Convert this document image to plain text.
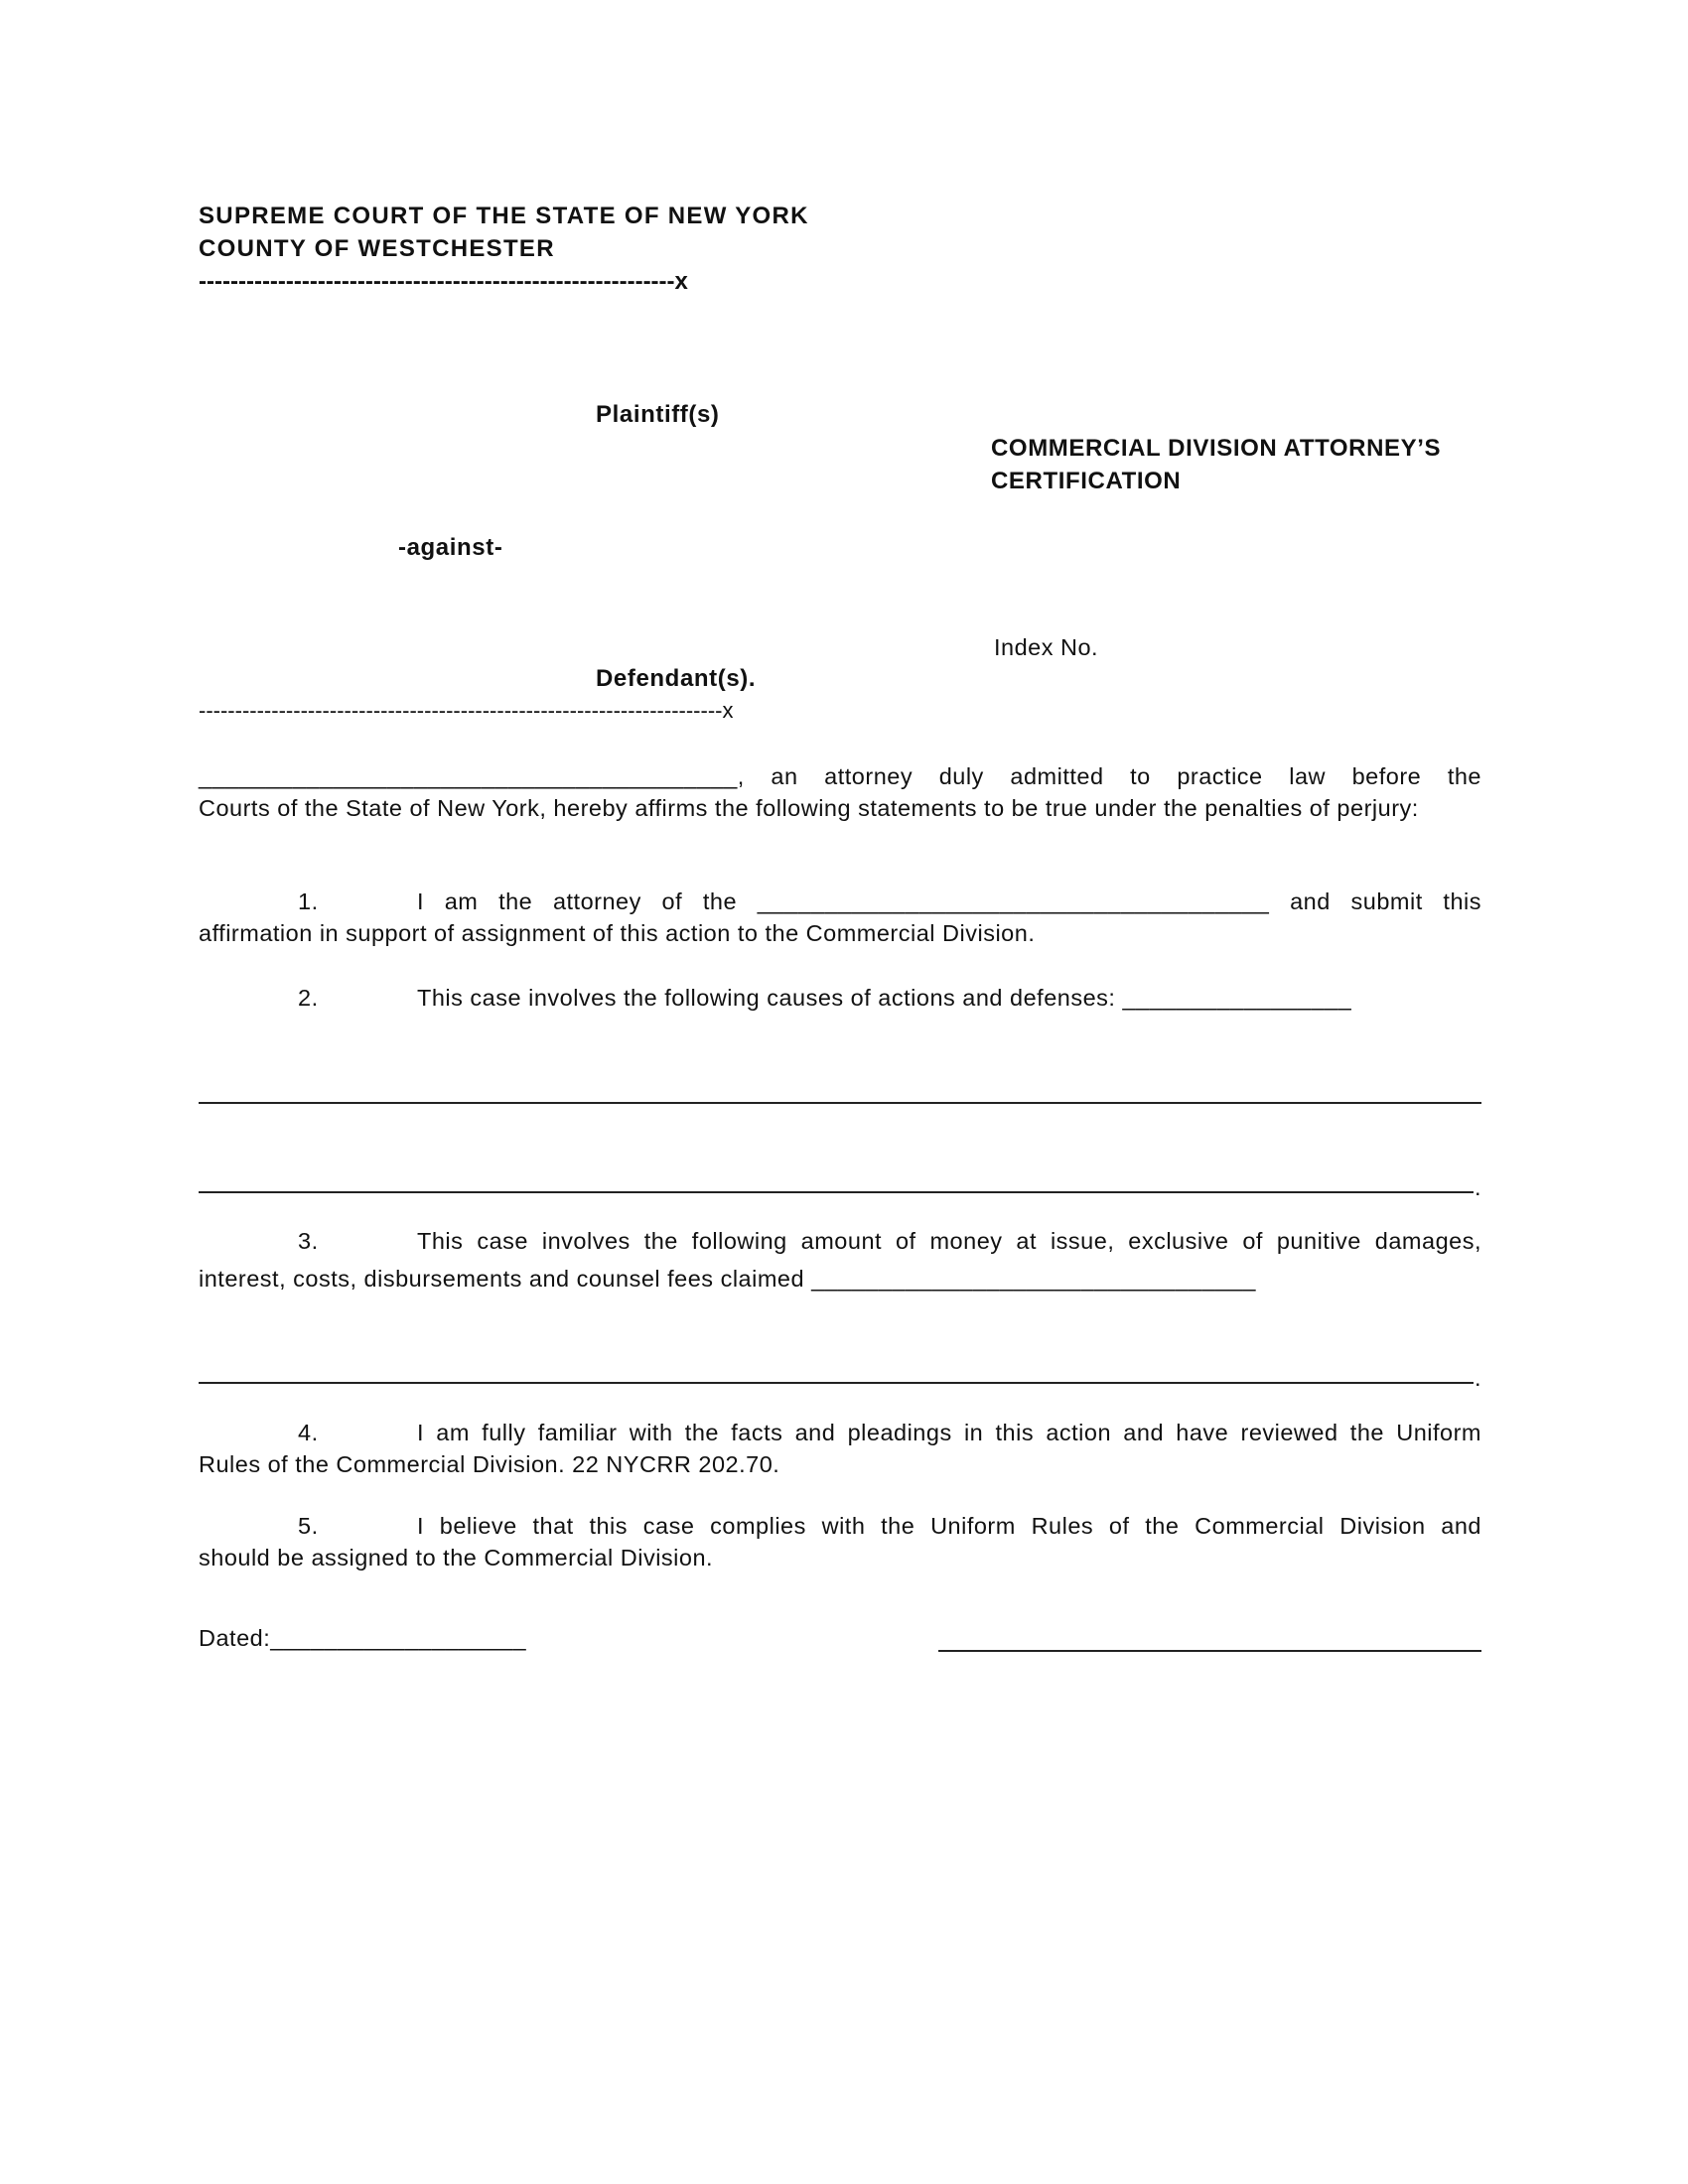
SUPREME COURT OF THE STATE OF NEW YORK
COUNTY OF WESTCHESTER
------------------------------------------------------------x
Plaintiff(s)
COMMERCIAL DIVISION ATTORNEY’S
CERTIFICATION
-against-
Index No.
Defendant(s).
------------------------------------------------------------------------x
________________________________________, an attorney duly admitted to practice law before the
Courts of the State of New York, hereby affirms the following statements to be true under the penalties of perjury:
1.	I am the attorney of the ______________________________________ and submit this
affirmation in support of assignment of this action to the Commercial Division.
2.	This case involves the following causes of actions and defenses: _________________
.
3.	This case involves the following amount of money at issue, exclusive of punitive damages,
interest, costs, disbursements and counsel fees claimed _________________________________
.
4.	I am fully familiar with the facts and pleadings in this action and have reviewed the Uniform
Rules of the Commercial Division. 22 NYCRR 202.70.
5.	I believe that this case complies with the Uniform Rules of the Commercial Division and
should be assigned to the Commercial Division.
Dated:___________________
